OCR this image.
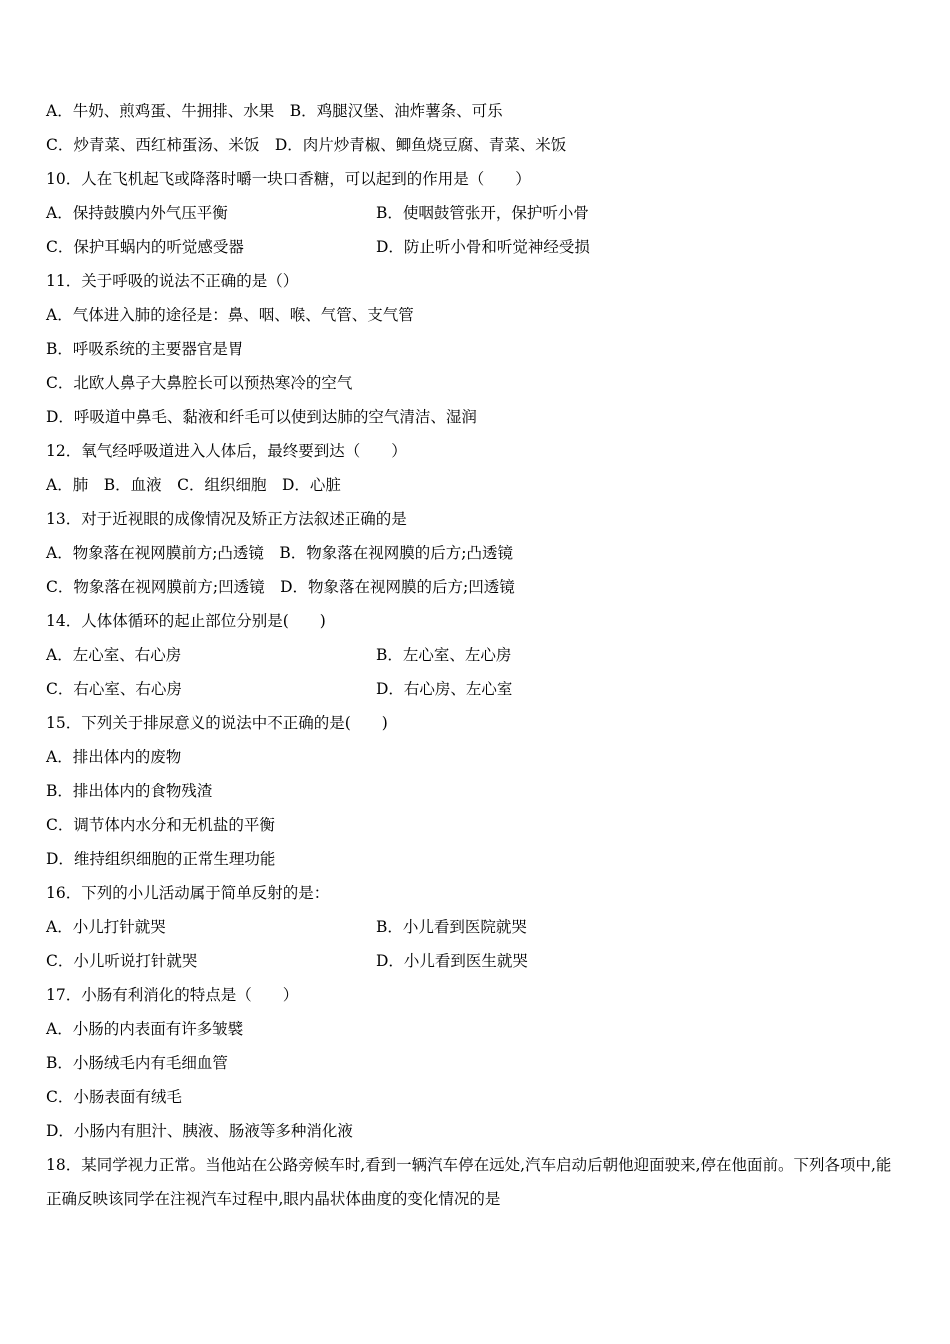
A．牛奶、煎鸡蛋、牛拥排、水果　B．鸡腿汉堡、油炸薯条、可乐
C．炒青菜、西红柿蛋汤、米饭　D．肉片炒青椒、鲫鱼烧豆腐、青菜、米饭
10．人在飞机起飞或降落时嚼一块口香糖，可以起到的作用是（　　）
A．保持鼓膜内外气压平衡	B．使咽鼓管张开，保护听小骨
C．保护耳蜗内的听觉感受器	D．防止听小骨和听觉神经受损
11．关于呼吸的说法不正确的是（）
A．气体进入肺的途径是：鼻、咽、喉、气管、支气管
B．呼吸系统的主要器官是胃
C．北欧人鼻子大鼻腔长可以预热寒冷的空气
D．呼吸道中鼻毛、黏液和纤毛可以使到达肺的空气清洁、湿润
12．氧气经呼吸道进入人体后，最终要到达（　　）
A．肺　B．血液　C．组织细胞　D．心脏
13．对于近视眼的成像情况及矫正方法叙述正确的是
A．物象落在视网膜前方;凸透镜　B．物象落在视网膜的后方;凸透镜
C．物象落在视网膜前方;凹透镜　D．物象落在视网膜的后方;凹透镜
14．人体体循环的起止部位分别是(　　)
A．左心室、右心房	B．左心室、左心房
C．右心室、右心房	D．右心房、左心室
15．下列关于排尿意义的说法中不正确的是(　　)
A．排出体内的废物
B．排出体内的食物残渣
C．调节体内水分和无机盐的平衡
D．维持组织细胞的正常生理功能
16．下列的小儿活动属于简单反射的是：
A．小儿打针就哭	B．小儿看到医院就哭
C．小儿听说打针就哭	D．小儿看到医生就哭
17．小肠有利消化的特点是（　　）
A．小肠的内表面有许多皱襞
B．小肠绒毛内有毛细血管
C．小肠表面有绒毛
D．小肠内有胆汁、胰液、肠液等多种消化液
18．某同学视力正常。当他站在公路旁候车时,看到一辆汽车停在远处,汽车启动后朝他迎面驶来,停在他面前。下列各项中,能正确反映该同学在注视汽车过程中,眼内晶状体曲度的变化情况的是
